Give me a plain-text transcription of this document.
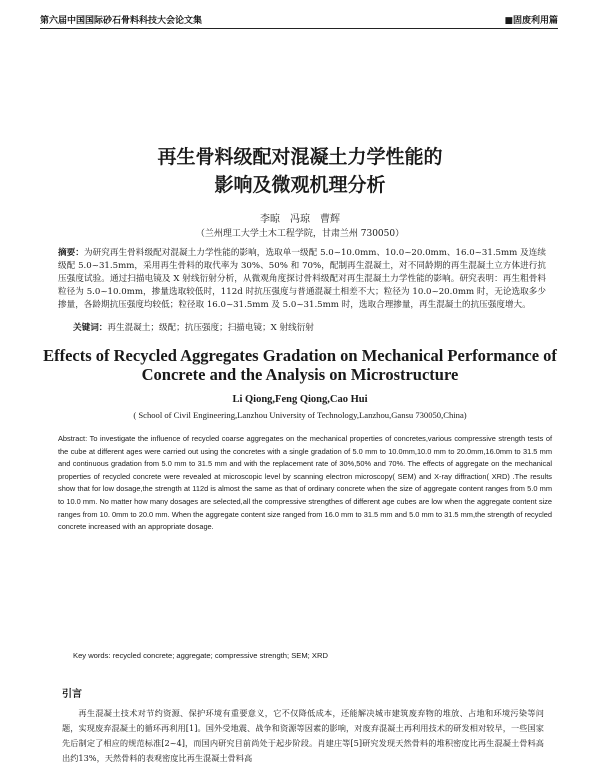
第六届中国国际砂石骨料科技大会论文集	■固废利用篇
再生骨料级配对混凝土力学性能的
影响及微观机理分析
李晾　冯琼　曹辉
（兰州理工大学土木工程学院，甘肃兰州 730050）
摘要：为研究再生骨料级配对混凝土力学性能的影响，选取单一级配 5.0~10.0mm、10.0~20.0mm、16.0~31.5mm 及连续级配 5.0~31.5mm，采用再生骨料的取代率为 30%、50% 和 70%，配制再生混凝土，对不同龄期的再生混凝土立方体进行抗压强度试验。通过扫描电镜及 X 射线衍射分析，从微观角度探讨骨料级配对再生混凝土力学性能的影响。研究表明：再生粗骨料粒径为 5.0~10.0mm，掺量选取较低时，112d 时抗压强度与普通混凝土相差不大；粒径为 10.0~20.0mm 时，无论选取多少掺量，各龄期抗压强度均较低；粒径取 16.0~31.5mm 及 5.0~31.5mm 时，选取合理掺量，再生混凝土的抗压强度增大。
关键词：再生混凝土；级配；抗压强度；扫描电镜；X 射线衍射
Effects of Recycled Aggregates Gradation on Mechanical Performance of
Concrete and the Analysis on Microstructure
Li Qiong,Feng Qiong,Cao Hui
( School of Civil Engineering,Lanzhou University of Technology,Lanzhou,Gansu 730050,China)
Abstract: To investigate the influence of recycled coarse aggregates on the mechanical properties of concretes,various compressive strength tests of the cube at different ages were carried out using the concretes with a single gradation of 5.0 mm to 10.0mm,10.0 mm to 20.0mm,16.0mm to 31.5 mm and continuous gradation from 5.0 mm to 31.5 mm and with the replacement rate of 30%,50% and 70%. The effects of aggregate on the mechanical properties of recycled concrete were revealed at microscopic level by scanning electron microscopy( SEM) and X-ray diffraction( XRD) .The results show that for low dosage,the strength at 112d is almost the same as that of ordinary concrete when the size of aggregate content ranges from 5.0 mm to 10.0 mm. No matter how many dosages are selected,all the compressive strengthes of different age cubes are low when the aggregate content size ranges from 10. 0mm to 20.0 mm. When the aggregate content size ranged from 16.0 mm to 31.5 mm and 5.0 mm to 31.5 mm,the strength of recycled concrete increased with an appropriate dosage.
Key words: recycled concrete; aggregate; compressive strength; SEM; XRD
引言
再生混凝土技术对节约资源、保护环境有重要意义，它不仅降低成本，还能解决城市建筑废弃物的堆放、占地和环境污染等问题，实现废弃混凝土的循环再利用[1]。国外受地震、战争和资源等因素的影响，对废弃混凝土再利用技术的研发相对较早，一些国家先后制定了相应的规范标准[2~4]，而国内研究目前尚处于起步阶段。肖建庄等[5]研究发现天然骨料的堆积密度比再生混凝土骨料高出约13%，天然骨料的表观密度比再生混凝土骨料高
